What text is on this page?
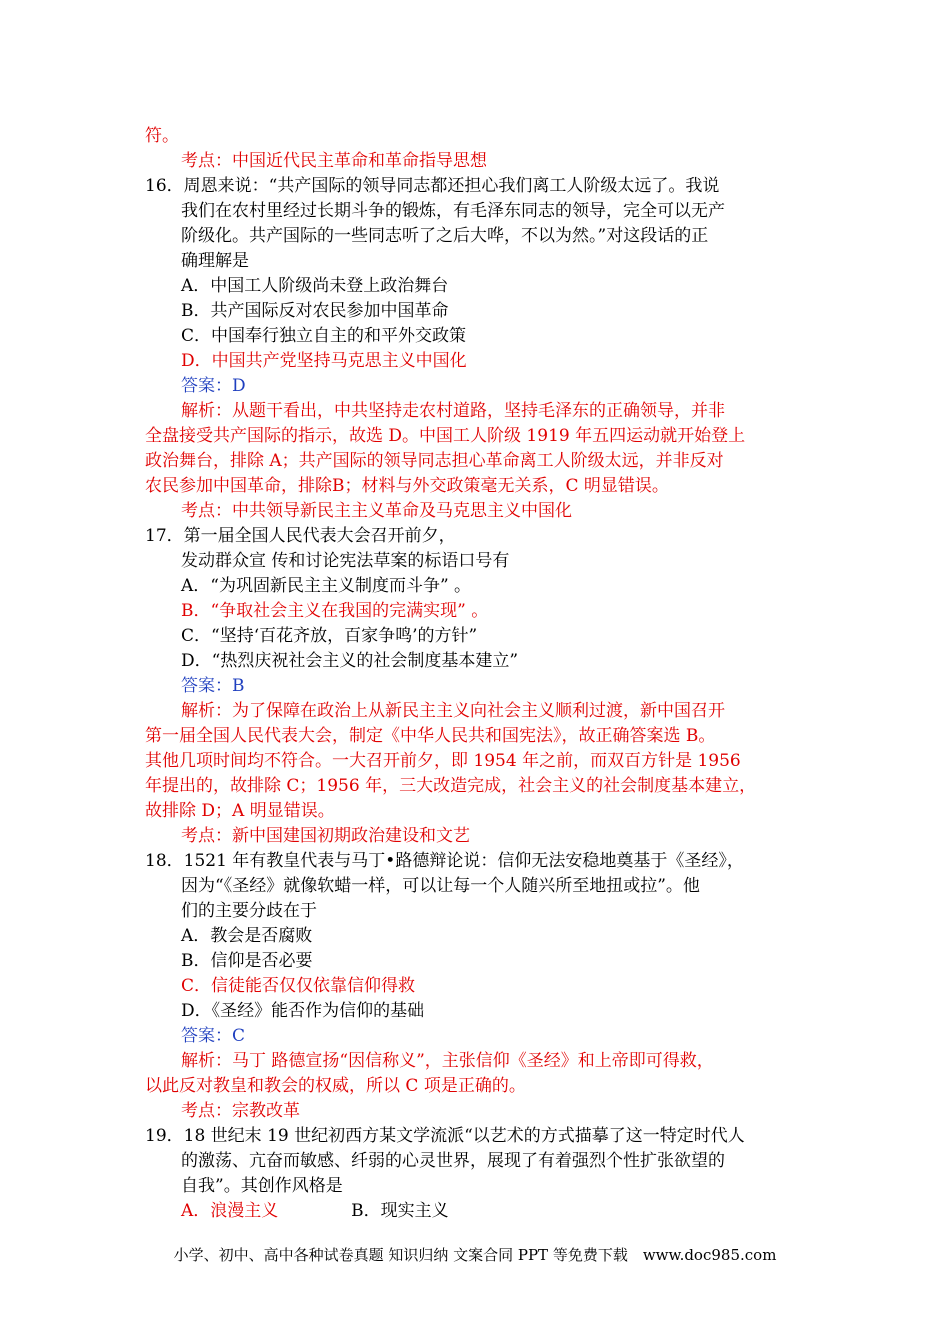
符。
考点：中国近代民主革命和革命指导思想
16．周恩来说：“共产国际的领导同志都还担心我们离工人阶级太远了。我说
我们在农村里经过长期斗争的锻炼，有毛泽东同志的领导，完全可以无产
阶级化。共产国际的一些同志听了之后大哗，不以为然。”对这段话的正
确理解是
A．中国工人阶级尚未登上政治舞台
B．共产国际反对农民参加中国革命
C．中国奉行独立自主的和平外交政策
D．中国共产党坚持马克思主义中国化
答案：D
解析：从题干看出，中共坚持走农村道路，坚持毛泽东的正确领导，并非
全盘接受共产国际的指示，故选 D。中国工人阶级 1919 年五四运动就开始登上
政治舞台，排除 A；共产国际的领导同志担心革命离工人阶级太远，并非反对
农民参加中国革命，排除B；材料与外交政策毫无关系，C 明显错误。
考点：中共领导新民主主义革命及马克思主义中国化
17．第一届全国人民代表大会召开前夕，
发动群众宣 传和讨论宪法草案的标语口号有
A．“为巩固新民主主义制度而斗争” 。
B．“争取社会主义在我国的完满实现” 。
C．“坚持‘百花齐放，百家争鸣’的方针”
D．“热烈庆祝社会主义的社会制度基本建立”
答案：B
解析：为了保障在政治上从新民主主义向社会主义顺利过渡，新中国召开
第一届全国人民代表大会，制定《中华人民共和国宪法》，故正确答案选 B。
其他几项时间均不符合。一大召开前夕，即 1954 年之前，而双百方针是 1956
年提出的，故排除 C；1956 年，三大改造完成，社会主义的社会制度基本建立，
故排除 D；A 明显错误。
考点：新中国建国初期政治建设和文艺
18．1521 年有教皇代表与马丁•路德辩论说：信仰无法安稳地奠基于《圣经》，
因为“《圣经》就像软蜡一样，可以让每一个人随兴所至地扭或拉”。他
们的主要分歧在于
A．教会是否腐败
B．信仰是否必要
C．信徒能否仅仅依靠信仰得救
D．《圣经》能否作为信仰的基础
答案：C
解析：马丁 路德宣扬“因信称义”，主张信仰《圣经》和上帝即可得救，
以此反对教皇和教会的权威，所以 C 项是正确的。
考点：宗教改革
19．18 世纪末 19 世纪初西方某文学流派“以艺术的方式描摹了这一特定时代人
的激荡、亢奋而敏感、纤弱的心灵世界，展现了有着强烈个性扩张欲望的
自我”。其创作风格是
A．浪漫主义	B．现实主义
小学、初中、高中各种试卷真题 知识归纳 文案合同 PPT 等免费下载　www.doc985.com
